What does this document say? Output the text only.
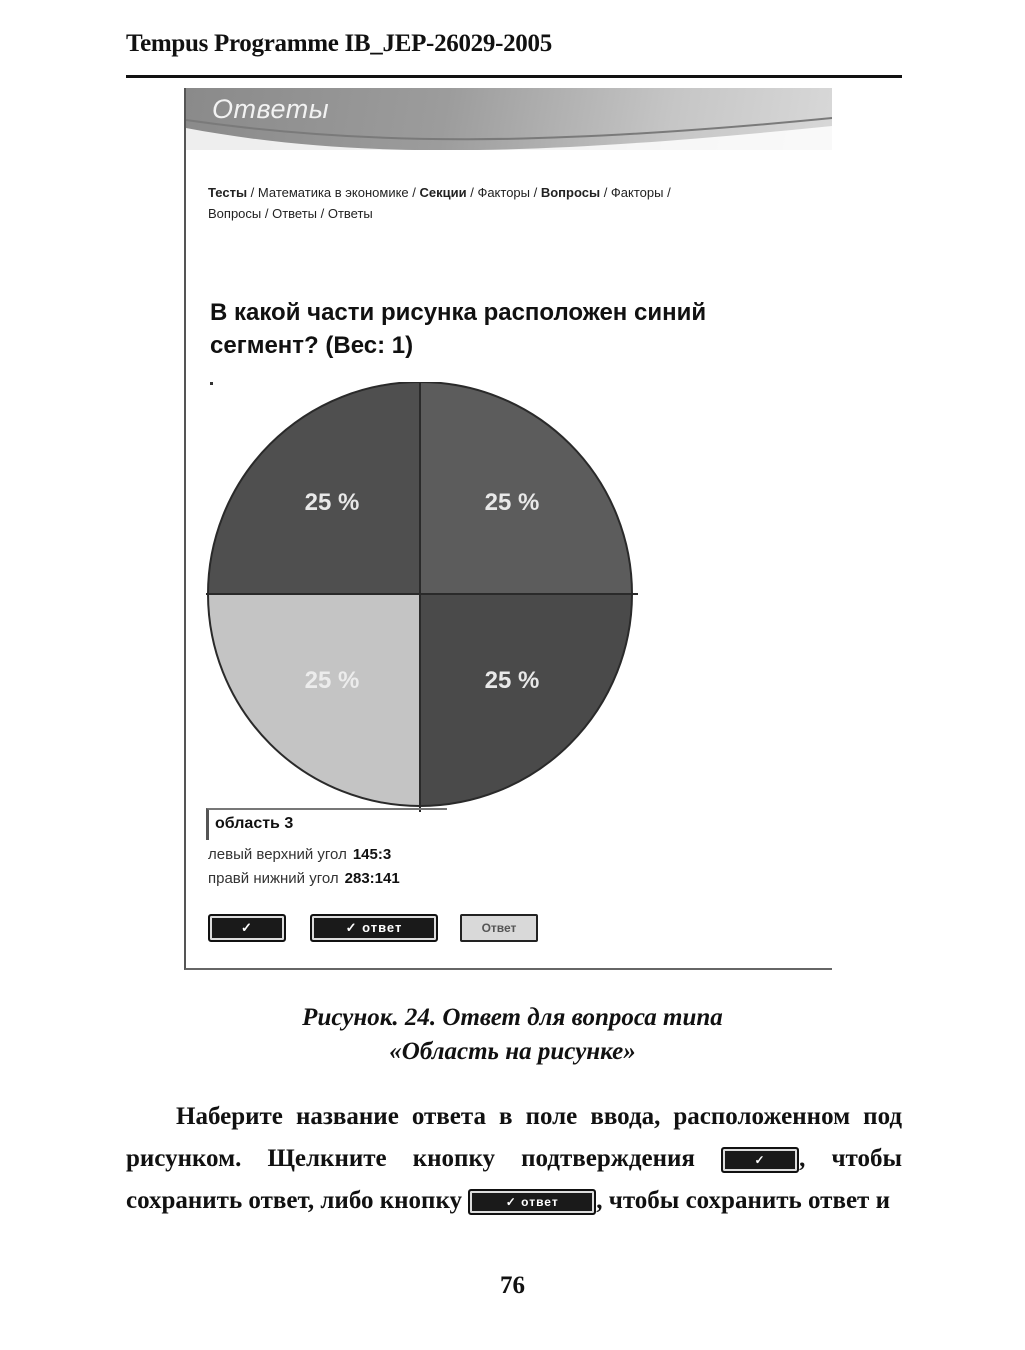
Tempus Programme IB_JEP-26029-2005
Ответы
Тесты / Математика в экономике / Секции / Факторы / Вопросы / Факторы /
Вопросы / Ответы / Ответы
В какой части рисунка расположен синий сегмент? (Вес: 1)
25 %	25 %
25 %
25 %
область 3
левый верхний угол 145:3
правй нижний угол 283:141
✓	✓ ответ	Ответ
Рисунок. 24. Ответ для вопроса типа
«Область на рисунке»
Наберите название ответа в поле ввода, расположенном под рисунком. Щелкните кнопку подтверждения	✓ , чтобы сохранить ответ, либо кнопку	✓ ответ , чтобы сохранить ответ и
76
